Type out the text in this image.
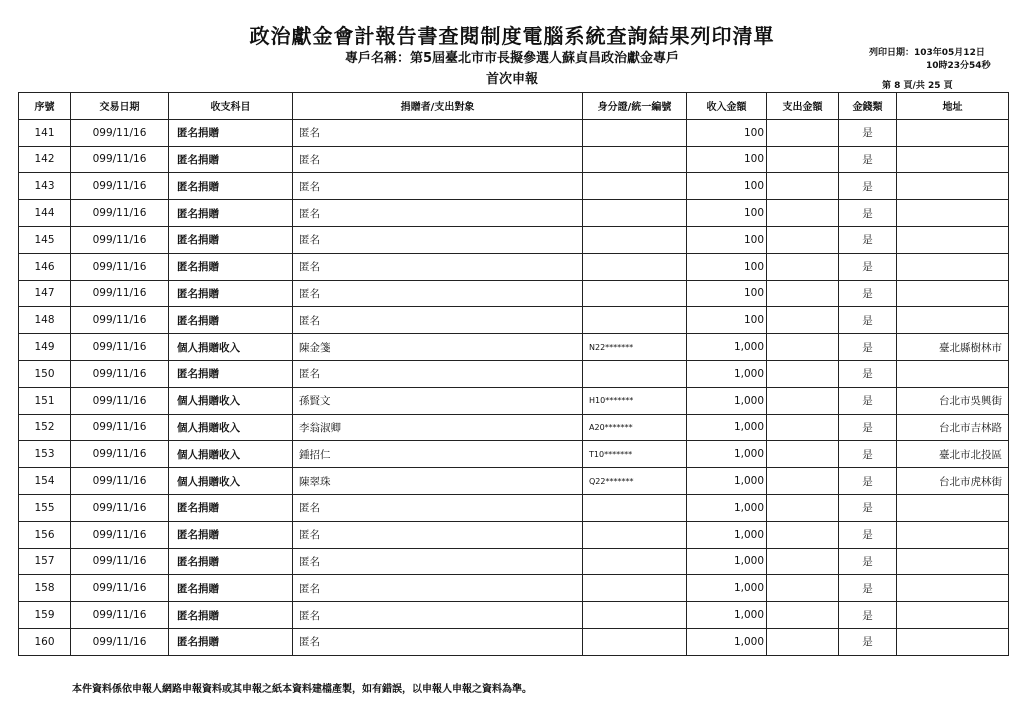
政治獻金會計報告書查閱制度電腦系統查詢結果列印清單
專戶名稱：第5屆臺北市市長擬參選人蘇貞昌政治獻金專戶
首次申報
列印日期：103年05月12日
10時23分54秒
第 8 頁/共 25 頁
序號	交易日期	收支科目	捐贈者/支出對象	身分證/統一編號	收入金額	支出金額	金錢類	地址
141	099/11/16	匿名捐贈	匿名		100		是	
142	099/11/16	匿名捐贈	匿名		100		是	
143	099/11/16	匿名捐贈	匿名		100		是	
144	099/11/16	匿名捐贈	匿名		100		是	
145	099/11/16	匿名捐贈	匿名		100		是	
146	099/11/16	匿名捐贈	匿名		100		是	
147	099/11/16	匿名捐贈	匿名		100		是	
148	099/11/16	匿名捐贈	匿名		100		是	
149	099/11/16	個人捐贈收入	陳金箋	N22*******	1,000		是	臺北縣樹林市
150	099/11/16	匿名捐贈	匿名		1,000		是	
151	099/11/16	個人捐贈收入	孫賢文	H10*******	1,000		是	台北市吳興街
152	099/11/16	個人捐贈收入	李翁淑卿	A20*******	1,000		是	台北市吉林路
153	099/11/16	個人捐贈收入	鍾招仁	T10*******	1,000		是	臺北市北投區
154	099/11/16	個人捐贈收入	陳翠珠	Q22*******	1,000		是	台北市虎林街
155	099/11/16	匿名捐贈	匿名		1,000		是	
156	099/11/16	匿名捐贈	匿名		1,000		是	
157	099/11/16	匿名捐贈	匿名		1,000		是	
158	099/11/16	匿名捐贈	匿名		1,000		是	
159	099/11/16	匿名捐贈	匿名		1,000		是	
160	099/11/16	匿名捐贈	匿名		1,000		是	
本件資料係依申報人網路申報資料或其申報之紙本資料建檔產製，如有錯誤，以申報人申報之資料為準。
